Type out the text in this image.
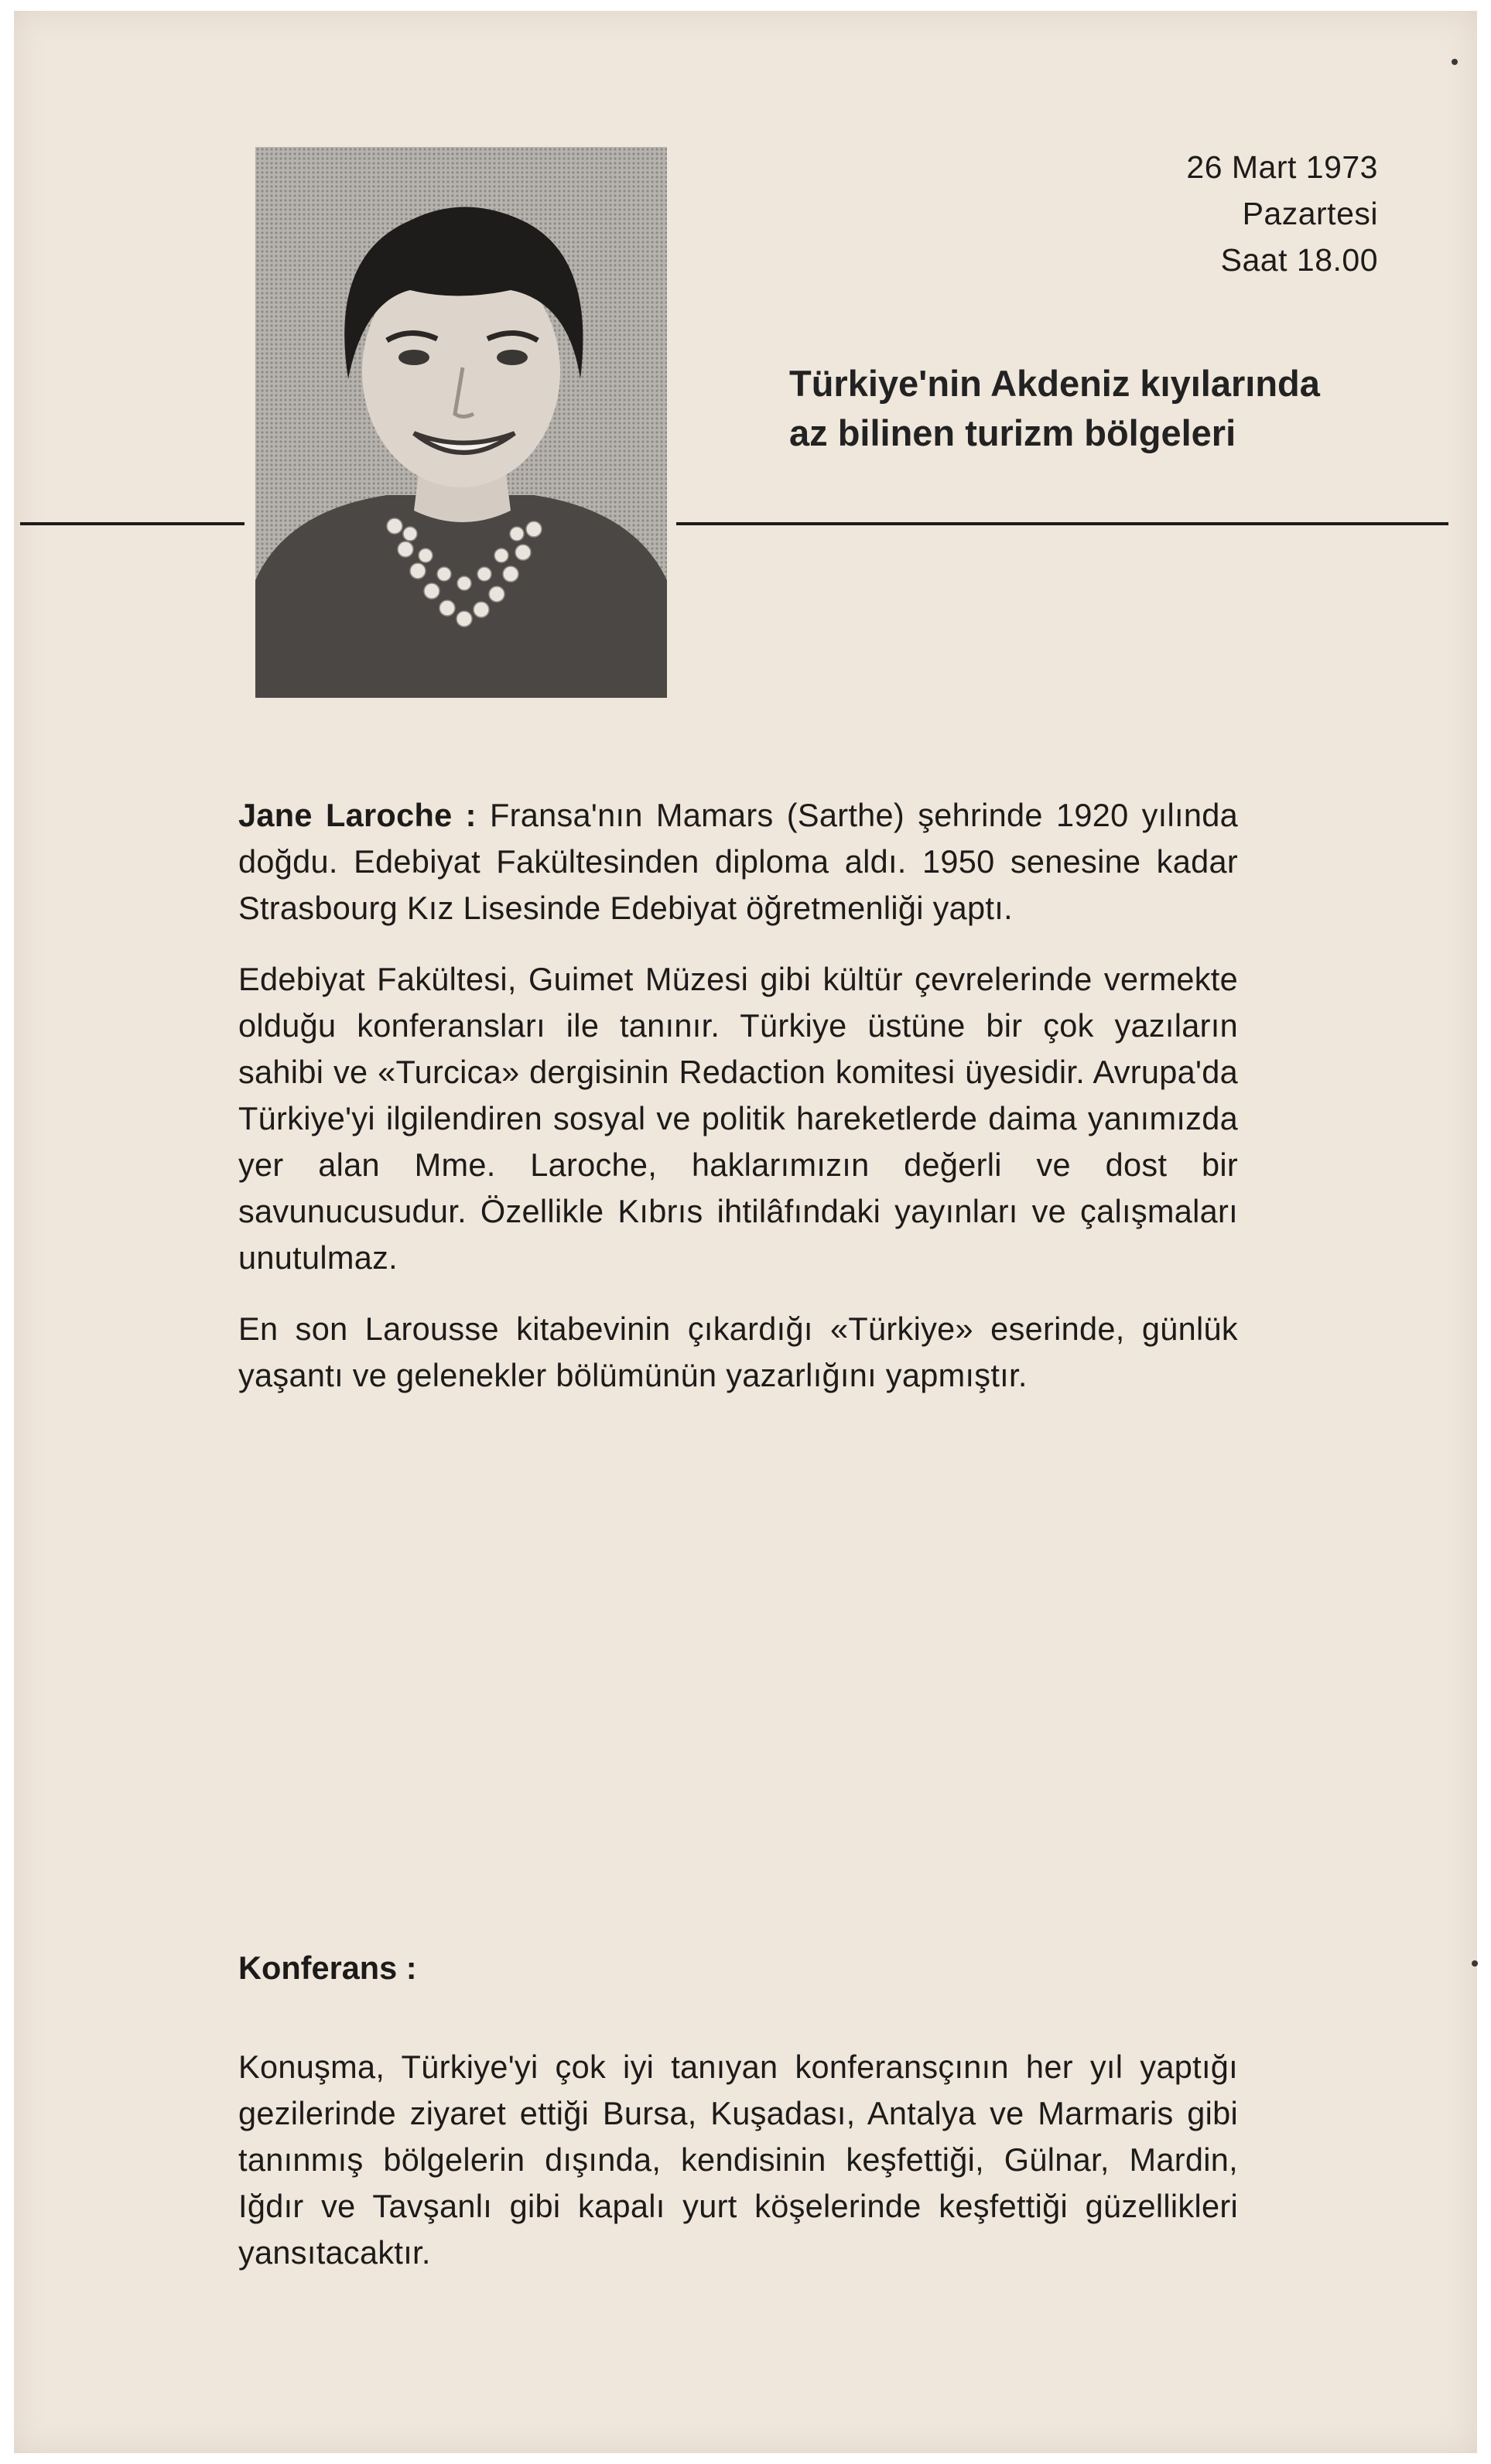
26 Mart 1973
Pazartesi
Saat 18.00
Türkiye'nin Akdeniz kıyılarında
az bilinen turizm bölgeleri

Jane Laroche : Fransa'nın Mamars (Sarthe) şehrinde 1920 yılında doğdu. Edebiyat Fakültesinden diploma aldı. 1950 senesine kadar Strasbourg Kız Lisesinde Edebiyat öğretmenliği yaptı.

Edebiyat Fakültesi, Guimet Müzesi gibi kültür çevrelerinde vermekte olduğu konferansları ile tanınır. Türkiye üstüne bir çok yazıların sahibi ve «Turcica» dergisinin Redaction komitesi üyesidir. Avrupa'da Türkiye'yi ilgilendiren sosyal ve politik hareketlerde daima yanımızda yer alan Mme. Laroche, haklarımızın değerli ve dost bir savunucusudur. Özellikle Kıbrıs ihtilâfındaki yayınları ve çalışmaları unutulmaz.

En son Larousse kitabevinin çıkardığı «Türkiye» eserinde, günlük yaşantı ve gelenekler bölümünün yazarlığını yapmıştır.

Konferans :

Konuşma, Türkiye'yi çok iyi tanıyan konferansçının her yıl yaptığı gezilerinde ziyaret ettiği Bursa, Kuşadası, Antalya ve Marmaris gibi tanınmış bölgelerin dışında, kendisinin keşfettiği, Gülnar, Mardin, Iğdır ve Tavşanlı gibi kapalı yurt köşelerinde keşfettiği güzellikleri yansıtacaktır.
